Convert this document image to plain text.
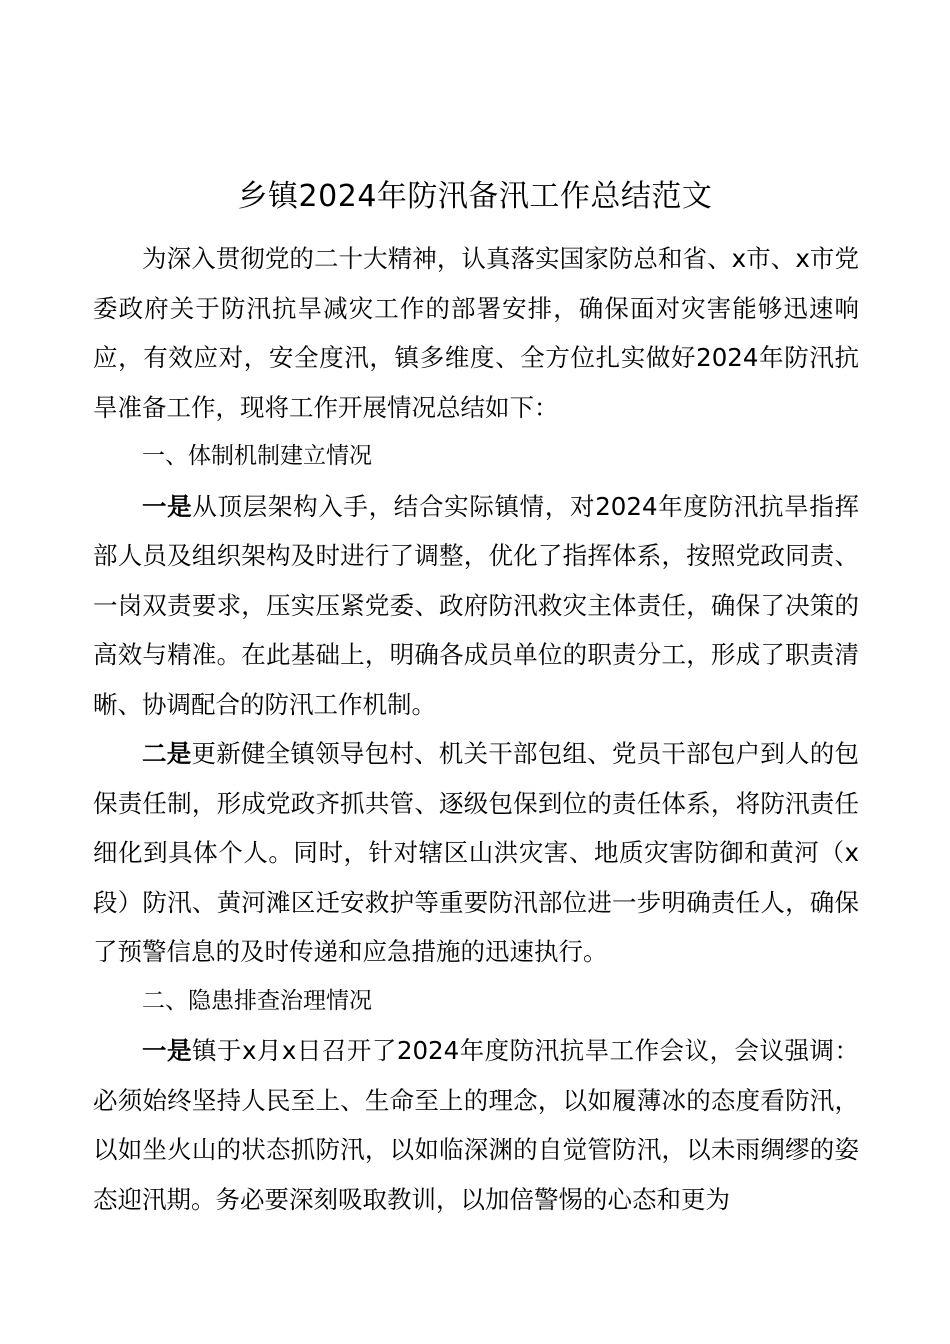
乡镇2024年防汛备汛工作总结范文

为深入贯彻党的二十大精神，认真落实国家防总和省、x市、x市党委政府关于防汛抗旱减灾工作的部署安排，确保面对灾害能够迅速响应，有效应对，安全度汛，镇多维度、全方位扎实做好2024年防汛抗旱准备工作，现将工作开展情况总结如下：

一、体制机制建立情况

一是从顶层架构入手，结合实际镇情，对2024年度防汛抗旱指挥部人员及组织架构及时进行了调整，优化了指挥体系，按照党政同责、一岗双责要求，压实压紧党委、政府防汛救灾主体责任，确保了决策的高效与精准。在此基础上，明确各成员单位的职责分工，形成了职责清晰、协调配合的防汛工作机制。

二是更新健全镇领导包村、机关干部包组、党员干部包户到人的包保责任制，形成党政齐抓共管、逐级包保到位的责任体系，将防汛责任细化到具体个人。同时，针对辖区山洪灾害、地质灾害防御和黄河（x段）防汛、黄河滩区迁安救护等重要防汛部位进一步明确责任人，确保了预警信息的及时传递和应急措施的迅速执行。

二、隐患排查治理情况

一是镇于x月x日召开了2024年度防汛抗旱工作会议，会议强调：必须始终坚持人民至上、生命至上的理念，以如履薄冰的态度看防汛，以如坐火山的状态抓防汛，以如临深渊的自觉管防汛，以未雨绸缪的姿态迎汛期。务必要深刻吸取教训，以加倍警惕的心态和更为
